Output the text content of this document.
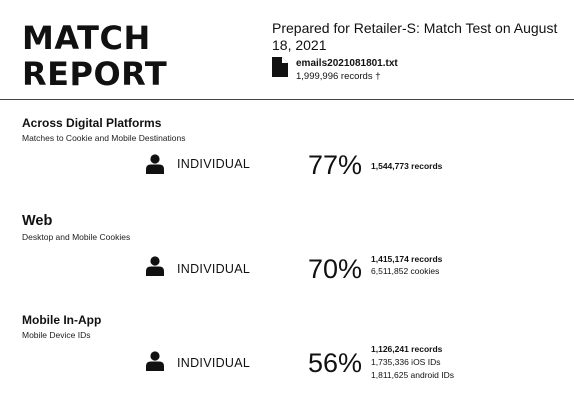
MATCH
REPORT
Prepared for Retailer-S: Match Test on August 18, 2021
emails2021081801.txt
1,999,996 records †
Across Digital Platforms
Matches to Cookie and Mobile Destinations
INDIVIDUAL 77% 1,544,773 records
Web
Desktop and Mobile Cookies
INDIVIDUAL 70% 1,415,174 records
6,511,852 cookies
Mobile In-App
Mobile Device IDs
INDIVIDUAL 56% 1,126,241 records
1,735,336 iOS IDs
1,811,625 android IDs
